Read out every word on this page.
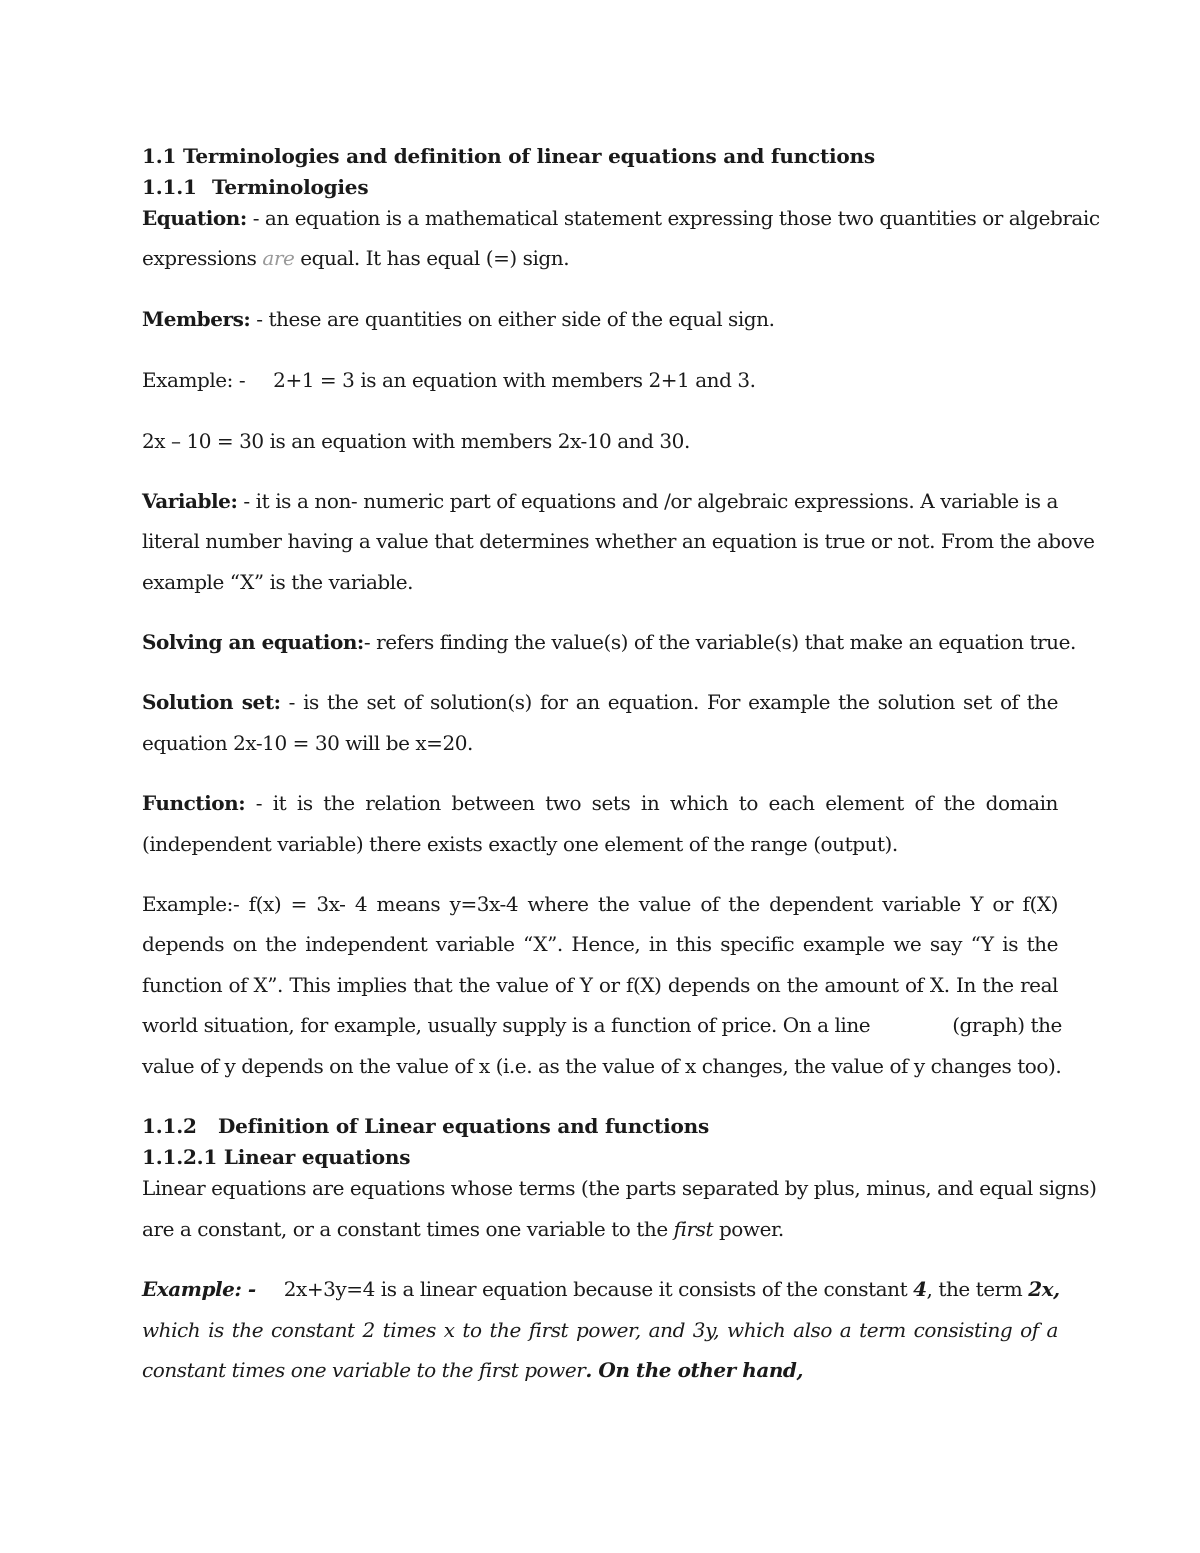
1.1 Terminologies and definition of linear equations and functions
1.1.1 Terminologies
Equation: - an equation is a mathematical statement expressing those two quantities or algebraic
expressions are equal. It has equal (=) sign.
Members: - these are quantities on either side of the equal sign.
Example: - 2+1 = 3 is an equation with members 2+1 and 3.
2x – 10 = 30 is an equation with members 2x-10 and 30.
Variable: - it is a non- numeric part of equations and /or algebraic expressions. A variable is a
literal number having a value that determines whether an equation is true or not. From the above
example “X” is the variable.
Solving an equation:- refers finding the value(s) of the variable(s) that make an equation true.
Solution set: - is the set of solution(s) for an equation. For example the solution set of the
equation 2x-10 = 30 will be x=20.
Function: - it is the relation between two sets in which to each element of the domain
(independent variable) there exists exactly one element of the range (output).
Example:- f(x) = 3x- 4 means y=3x-4 where the value of the dependent variable Y or f(X)
depends on the independent variable “X”. Hence, in this specific example we say “Y is the
function of X”. This implies that the value of Y or f(X) depends on the amount of X. In the real
world situation, for example, usually supply is a function of price. On a line	(graph) the
value of y depends on the value of x (i.e. as the value of x changes, the value of y changes too).
1.1.2 Definition of Linear equations and functions
1.1.2.1 Linear equations
Linear equations are equations whose terms (the parts separated by plus, minus, and equal signs)
are a constant, or a constant times one variable to the first power.
Example: - 2x+3y=4 is a linear equation because it consists of the constant 4, the term 2x,
which is the constant 2 times x to the first power, and 3y, which also a term consisting of a
constant times one variable to the first power. On the other hand,
